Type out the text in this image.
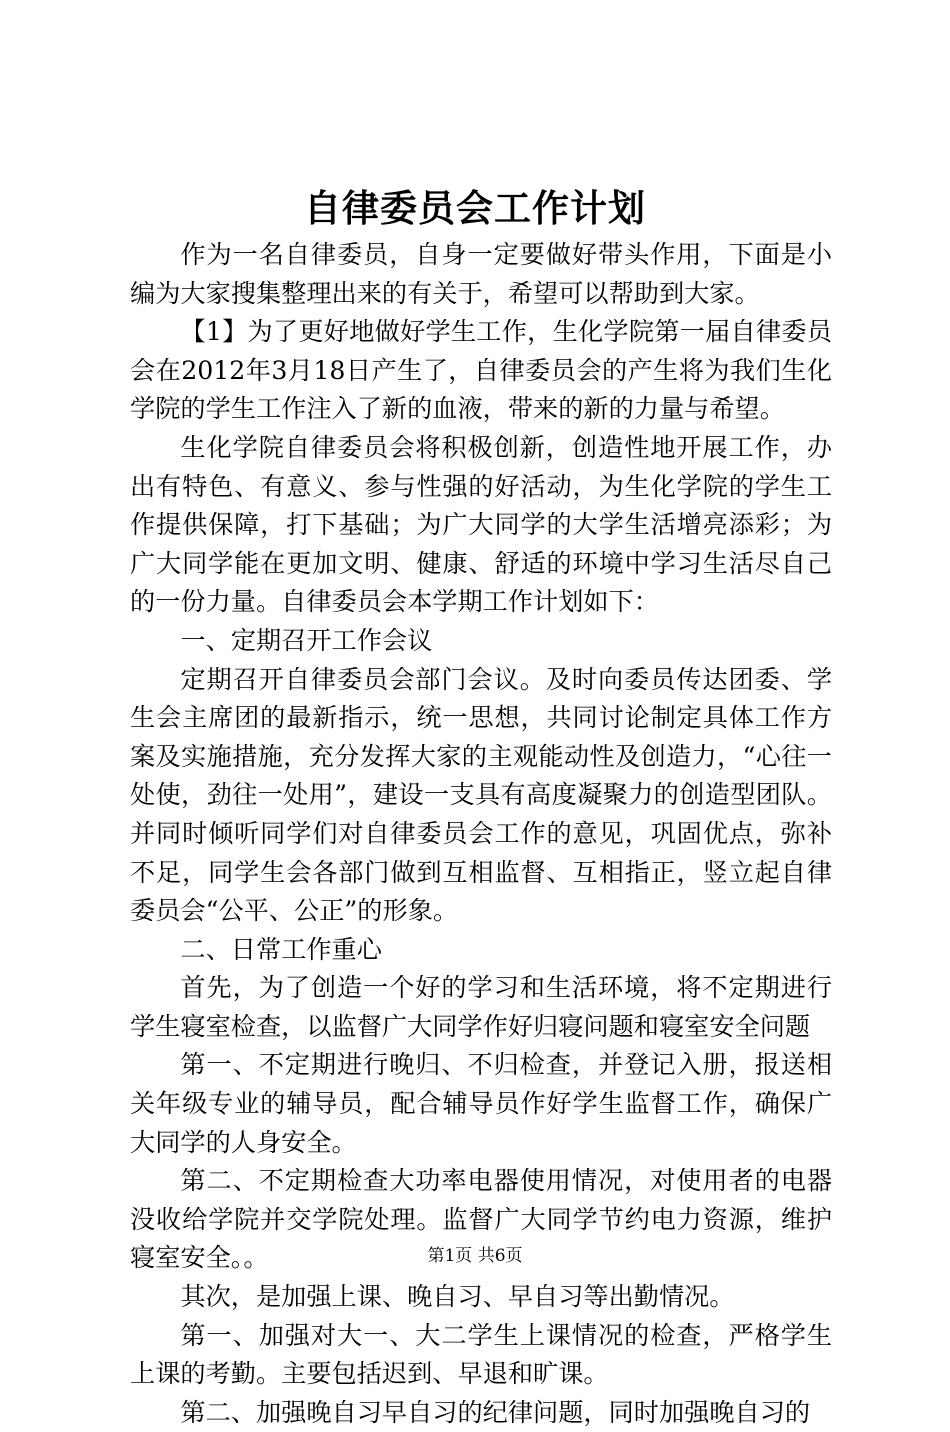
自律委员会工作计划

作为一名自律委员，自身一定要做好带头作用，下面是小编为大家搜集整理出来的有关于，希望可以帮助到大家。

【1】为了更好地做好学生工作，生化学院第一届自律委员会在2012年3月18日产生了，自律委员会的产生将为我们生化学院的学生工作注入了新的血液，带来的新的力量与希望。

生化学院自律委员会将积极创新，创造性地开展工作，办出有特色、有意义、参与性强的好活动，为生化学院的学生工作提供保障，打下基础；为广大同学的大学生活增亮添彩；为广大同学能在更加文明、健康、舒适的环境中学习生活尽自己的一份力量。自律委员会本学期工作计划如下：

一、定期召开工作会议

定期召开自律委员会部门会议。及时向委员传达团委、学生会主席团的最新指示，统一思想，共同讨论制定具体工作方案及实施措施，充分发挥大家的主观能动性及创造力，“心往一处使，劲往一处用”，建设一支具有高度凝聚力的创造型团队。并同时倾听同学们对自律委员会工作的意见，巩固优点，弥补不足，同学生会各部门做到互相监督、互相指正，竖立起自律委员会“公平、公正”的形象。

二、日常工作重心

首先，为了创造一个好的学习和生活环境，将不定期进行学生寝室检查，以监督广大同学作好归寝问题和寝室安全问题

第一、不定期进行晚归、不归检查，并登记入册，报送相关年级专业的辅导员，配合辅导员作好学生监督工作，确保广大同学的人身安全。

第二、不定期检查大功率电器使用情况，对使用者的电器没收给学院并交学院处理。监督广大同学节约电力资源，维护寝室安全。。

其次，是加强上课、晚自习、早自习等出勤情况。

第一、加强对大一、大二学生上课情况的检查，严格学生上课的考勤。主要包括迟到、早退和旷课。

第二、加强晚自习早自习的纪律问题，同时加强晚自习的

第1页 共6页
